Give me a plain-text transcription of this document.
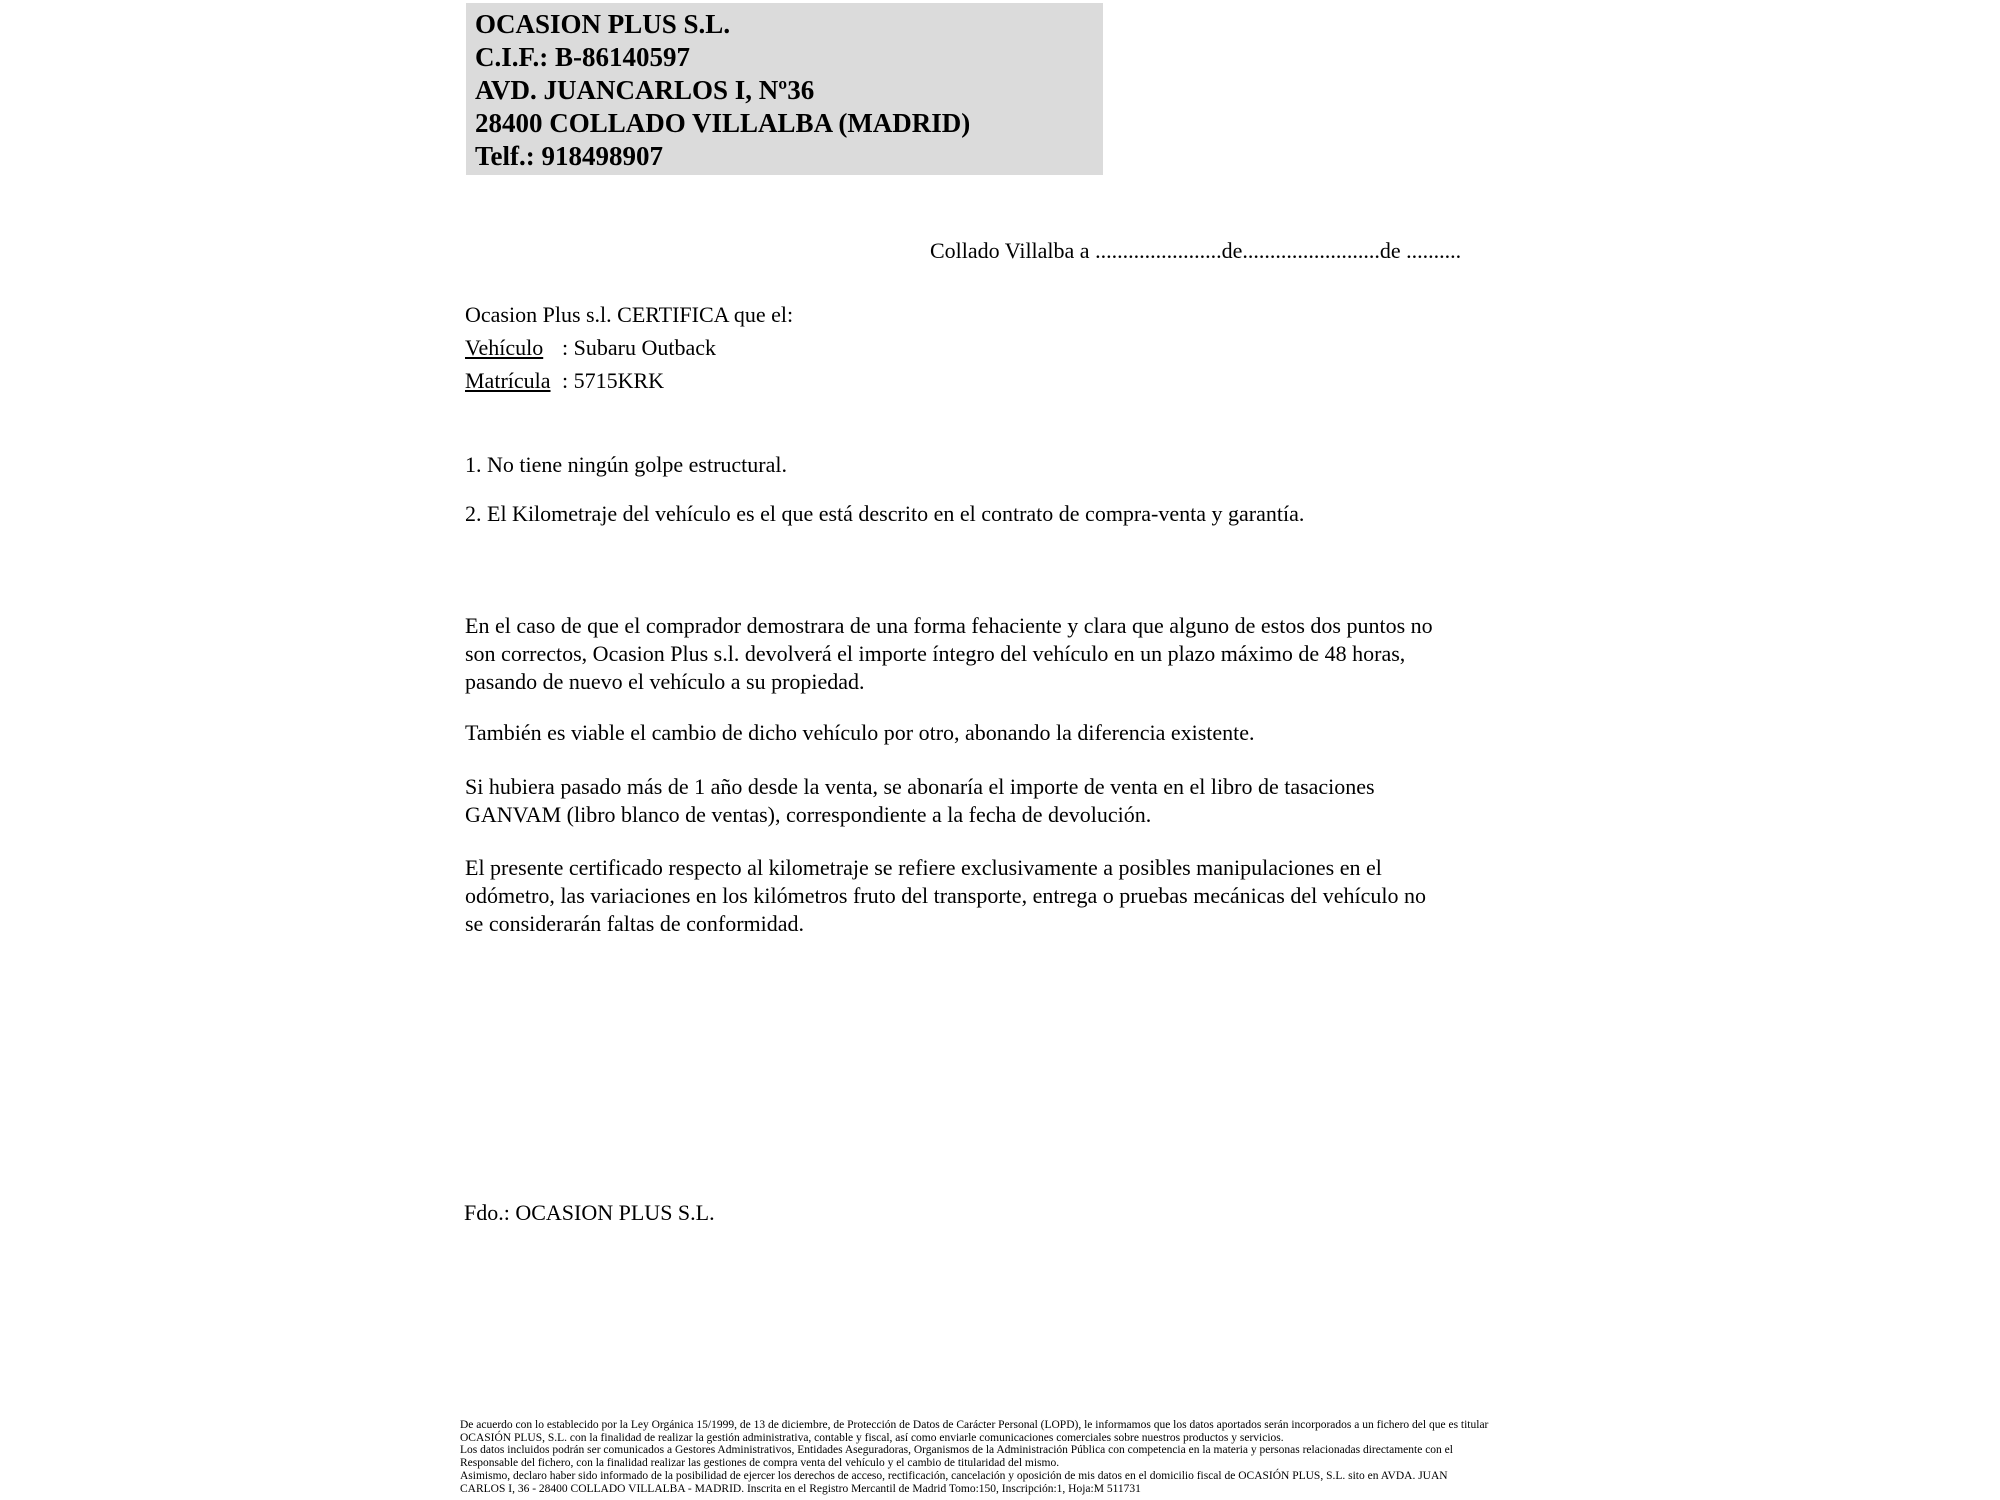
OCASION PLUS S.L.
C.I.F.: B-86140597
AVD. JUANCARLOS I, Nº36
28400 COLLADO VILLALBA (MADRID)
Telf.: 918498907
Collado Villalba a .......................de.........................de ..........
Ocasion Plus s.l. CERTIFICA que el:
Vehículo : Subaru Outback
Matrícula : 5715KRK
1. No tiene ningún golpe estructural.
2. El Kilometraje del vehículo es el que está descrito en el contrato de compra-venta y garantía.
En el caso de que el comprador demostrara de una forma fehaciente y clara que alguno de estos dos puntos no
son correctos, Ocasion Plus s.l. devolverá el importe íntegro del vehículo en un plazo máximo de 48 horas,
pasando de nuevo el vehículo a su propiedad.
También es viable el cambio de dicho vehículo por otro, abonando la diferencia existente.
Si hubiera pasado más de 1 año desde la venta, se abonaría el importe de venta en el libro de tasaciones
GANVAM (libro blanco de ventas), correspondiente a la fecha de devolución.
El presente certificado respecto al kilometraje se refiere exclusivamente a posibles manipulaciones en el
odómetro, las variaciones en los kilómetros fruto del transporte, entrega o pruebas mecánicas del vehículo no
se considerarán faltas de conformidad.
Fdo.: OCASION PLUS S.L.
De acuerdo con lo establecido por la Ley Orgánica 15/1999, de 13 de diciembre, de Protección de Datos de Carácter Personal (LOPD), le informamos que los datos aportados serán incorporados a un fichero del que es titular
OCASIÓN PLUS, S.L. con la finalidad de realizar la gestión administrativa, contable y fiscal, así como enviarle comunicaciones comerciales sobre nuestros productos y servicios.
Los datos incluidos podrán ser comunicados a Gestores Administrativos, Entidades Aseguradoras, Organismos de la Administración Pública con competencia en la materia y personas relacionadas directamente con el
Responsable del fichero, con la finalidad realizar las gestiones de compra venta del vehículo y el cambio de titularidad del mismo.
Asimismo, declaro haber sido informado de la posibilidad de ejercer los derechos de acceso, rectificación, cancelación y oposición de mis datos en el domicilio fiscal de OCASIÓN PLUS, S.L. sito en AVDA. JUAN
CARLOS I, 36 - 28400 COLLADO VILLALBA - MADRID. Inscrita en el Registro Mercantil de Madrid Tomo:150, Inscripción:1, Hoja:M 511731
